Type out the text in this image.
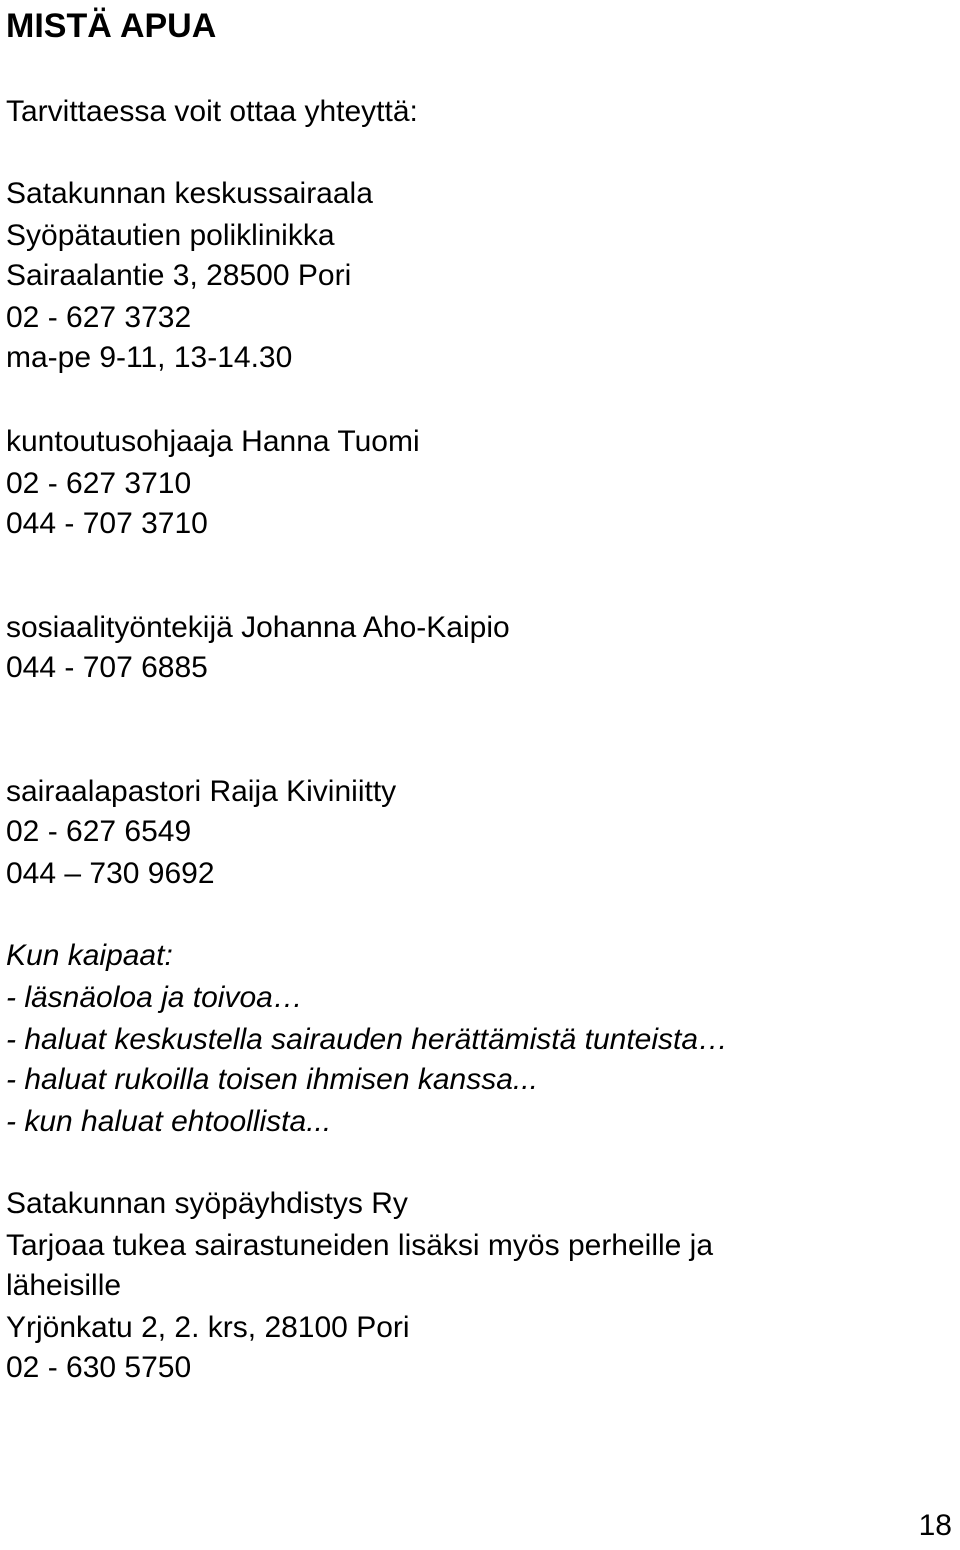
MISTÄ APUA
Tarvittaessa voit ottaa yhteyttä:
Satakunnan keskussairaala
Syöpätautien poliklinikka
Sairaalantie 3, 28500 Pori
02 - 627 3732
ma-pe 9-11, 13-14.30
kuntoutusohjaaja Hanna Tuomi
02 - 627 3710
044 - 707 3710
sosiaalityöntekijä Johanna Aho-Kaipio
044 - 707 6885
sairaalapastori Raija Kiviniitty
02 - 627 6549
044 – 730 9692
Kun kaipaat:
- läsnäoloa ja toivoa…
- haluat keskustella sairauden herättämistä tunteista…
- haluat rukoilla toisen ihmisen kanssa...
- kun haluat ehtoollista...
Satakunnan syöpäyhdistys Ry
Tarjoaa tukea sairastuneiden lisäksi myös perheille ja
läheisille
Yrjönkatu 2, 2. krs, 28100 Pori
02 - 630 5750
18
